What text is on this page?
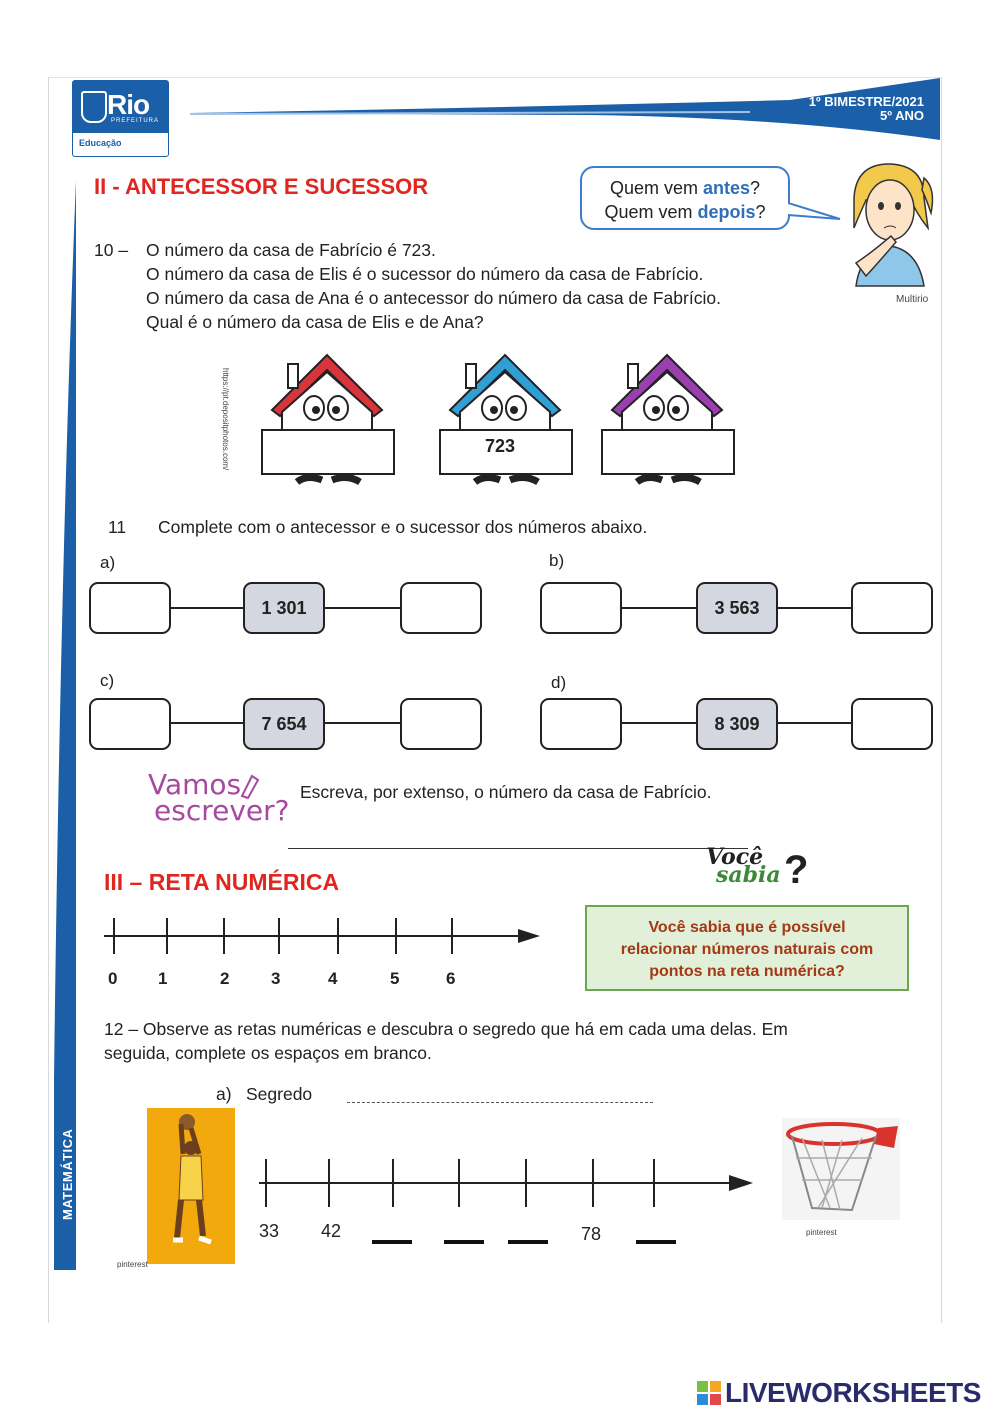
Rio
PREFEITURA
Educação
1º BIMESTRE/2021
5º ANO
MATEMÁTICA
II - ANTECESSOR E SUCESSOR	Quem vem antes?
Quem vem depois?
Multirio
10 – O número da casa de Fabrício é 723.
O número da casa de Elis é o sucessor do número da casa de Fabrício.
O número da casa de Ana é o antecessor do número da casa de Fabrício.
Qual é o número da casa de Elis e de Ana?
https://pt.depositphotos.com/	723
11 Complete com o antecessor e o sucessor dos números abaixo.
a)
1 301
b)
3 563
c)
7 654
d)
8 309
Vamos
escrever?
Escreva, por extenso, o número da casa de Fabrício.
III – RETA NUMÉRICA
Você
sabia ?
Você sabia que é possível
relacionar números naturais com
pontos na reta numérica?
0 1	2 3	4	5	6
12 – Observe as retas numéricas e descubra o segredo que há em cada uma delas. Em
seguida, complete os espaços em branco.
a) Segredo
pinterest
33 42	78	pinterest
LIVEWORKSHEETS
